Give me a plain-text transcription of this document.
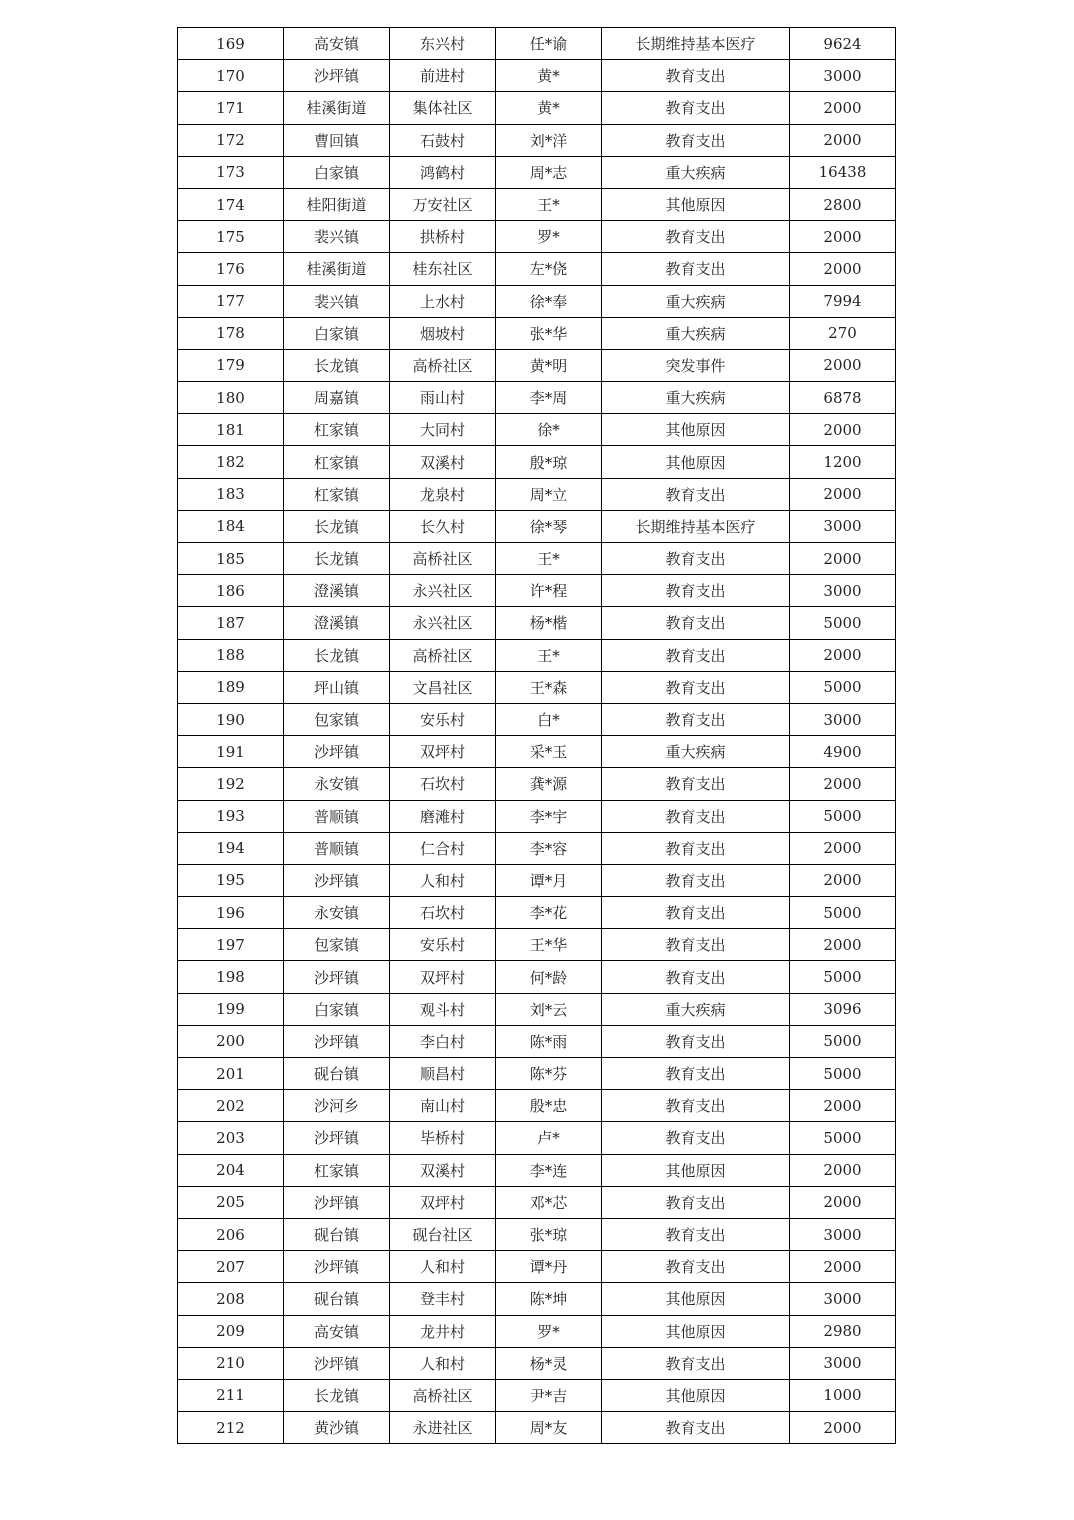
169	高安镇	东兴村	任*谕	长期维持基本医疗	9624
170	沙坪镇	前进村	黄*	教育支出	3000
171	桂溪街道	集体社区	黄*	教育支出	2000
172	曹回镇	石鼓村	刘*洋	教育支出	2000
173	白家镇	鸿鹤村	周*志	重大疾病	16438
174	桂阳街道	万安社区	王*	其他原因	2800
175	裴兴镇	拱桥村	罗*	教育支出	2000
176	桂溪街道	桂东社区	左*侥	教育支出	2000
177	裴兴镇	上水村	徐*奉	重大疾病	7994
178	白家镇	烟坡村	张*华	重大疾病	270
179	长龙镇	高桥社区	黄*明	突发事件	2000
180	周嘉镇	雨山村	李*周	重大疾病	6878
181	杠家镇	大同村	徐*	其他原因	2000
182	杠家镇	双溪村	殷*琼	其他原因	1200
183	杠家镇	龙泉村	周*立	教育支出	2000
184	长龙镇	长久村	徐*琴	长期维持基本医疗	3000
185	长龙镇	高桥社区	王*	教育支出	2000
186	澄溪镇	永兴社区	许*程	教育支出	3000
187	澄溪镇	永兴社区	杨*楷	教育支出	5000
188	长龙镇	高桥社区	王*	教育支出	2000
189	坪山镇	文昌社区	王*森	教育支出	5000
190	包家镇	安乐村	白*	教育支出	3000
191	沙坪镇	双坪村	采*玉	重大疾病	4900
192	永安镇	石坎村	龚*源	教育支出	2000
193	普顺镇	磨滩村	李*宇	教育支出	5000
194	普顺镇	仁合村	李*容	教育支出	2000
195	沙坪镇	人和村	谭*月	教育支出	2000
196	永安镇	石坎村	李*花	教育支出	5000
197	包家镇	安乐村	王*华	教育支出	2000
198	沙坪镇	双坪村	何*龄	教育支出	5000
199	白家镇	观斗村	刘*云	重大疾病	3096
200	沙坪镇	李白村	陈*雨	教育支出	5000
201	砚台镇	顺昌村	陈*芬	教育支出	5000
202	沙河乡	南山村	殷*忠	教育支出	2000
203	沙坪镇	毕桥村	卢*	教育支出	5000
204	杠家镇	双溪村	李*连	其他原因	2000
205	沙坪镇	双坪村	邓*芯	教育支出	2000
206	砚台镇	砚台社区	张*琼	教育支出	3000
207	沙坪镇	人和村	谭*丹	教育支出	2000
208	砚台镇	登丰村	陈*坤	其他原因	3000
209	高安镇	龙井村	罗*	其他原因	2980
210	沙坪镇	人和村	杨*灵	教育支出	3000
211	长龙镇	高桥社区	尹*吉	其他原因	1000
212	黄沙镇	永进社区	周*友	教育支出	2000
